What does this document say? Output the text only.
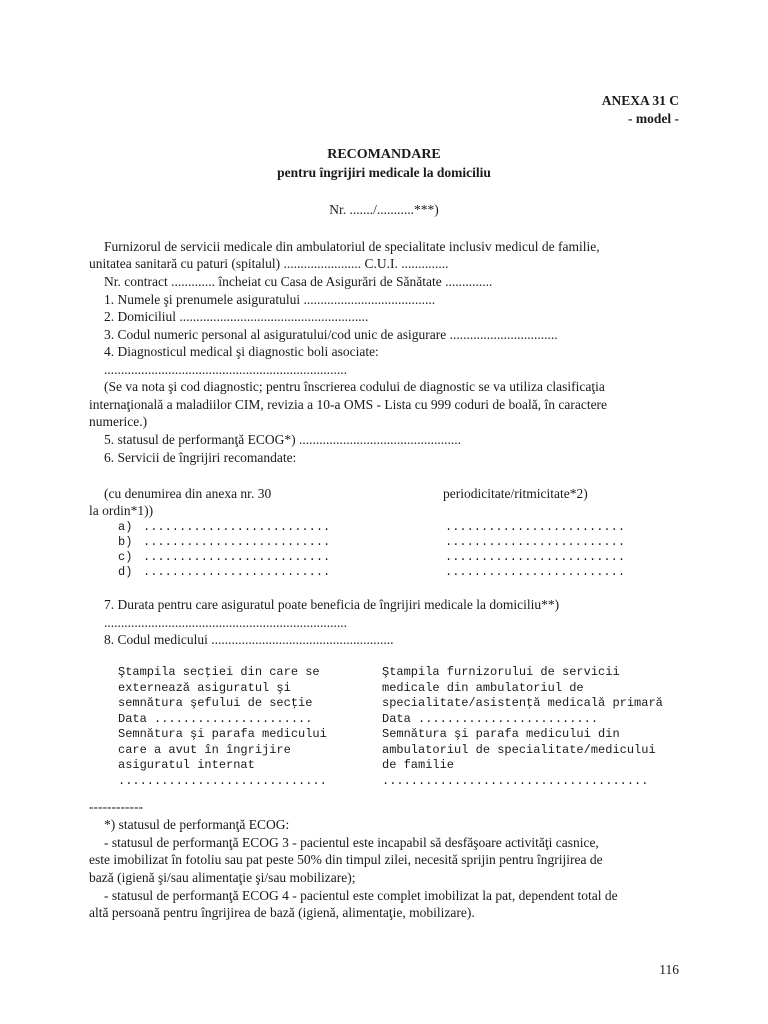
ANEXA 31 C
- model -
RECOMANDARE
pentru îngrijiri medicale la domiciliu
Nr. ......./...........***)
Furnizorul de servicii medicale din ambulatoriul de specialitate inclusiv medicul de familie,
unitatea sanitară cu paturi (spitalul) ....................... C.U.I. ..............
Nr. contract ............. încheiat cu Casa de Asigurări de Sănătate ..............
1. Numele şi prenumele asiguratului .......................................
2. Domiciliul ........................................................
3. Codul numeric personal al asiguratului/cod unic de asigurare ................................
4. Diagnosticul medical şi diagnostic boli asociate:
........................................................................
(Se va nota şi cod diagnostic; pentru înscrierea codului de diagnostic se va utiliza clasificaţia
internaţională a maladiilor CIM, revizia a 10-a OMS - Lista cu 999 coduri de boală, în caractere
numerice.)
5. statusul de performanţă ECOG*) ................................................
6. Servicii de îngrijiri recomandate:
(cu denumirea din anexa nr. 30	periodicitate/ritmicitate*2)
la ordin*1))
a) ..........................	.........................
b) ..........................	.........................
c) ..........................	.........................
d) ..........................	.........................
7. Durata pentru care asiguratul poate beneficia de îngrijiri medicale la domiciliu**)
........................................................................
8. Codul medicului ......................................................
Ştampila secţiei din care se
externează asiguratul şi
semnătura şefului de secţie
Data ......................
Semnătura şi parafa medicului
care a avut în îngrijire
asiguratul internat
.............................
Ştampila furnizorului de servicii
medicale din ambulatoriul de
specialitate/asistenţă medicală primară
Data .........................
Semnătura şi parafa medicului din
ambulatoriul de specialitate/medicului
de familie
.....................................
------------
*) statusul de performanţă ECOG:
- statusul de performanţă ECOG 3 - pacientul este incapabil să desfăşoare activităţi casnice,
este imobilizat în fotoliu sau pat peste 50% din timpul zilei, necesită sprijin pentru îngrijirea de
bază (igienă şi/sau alimentaţie şi/sau mobilizare);
- statusul de performanţă ECOG 4 - pacientul este complet imobilizat la pat, dependent total de
altă persoană pentru îngrijirea de bază (igienă, alimentaţie, mobilizare).
116
